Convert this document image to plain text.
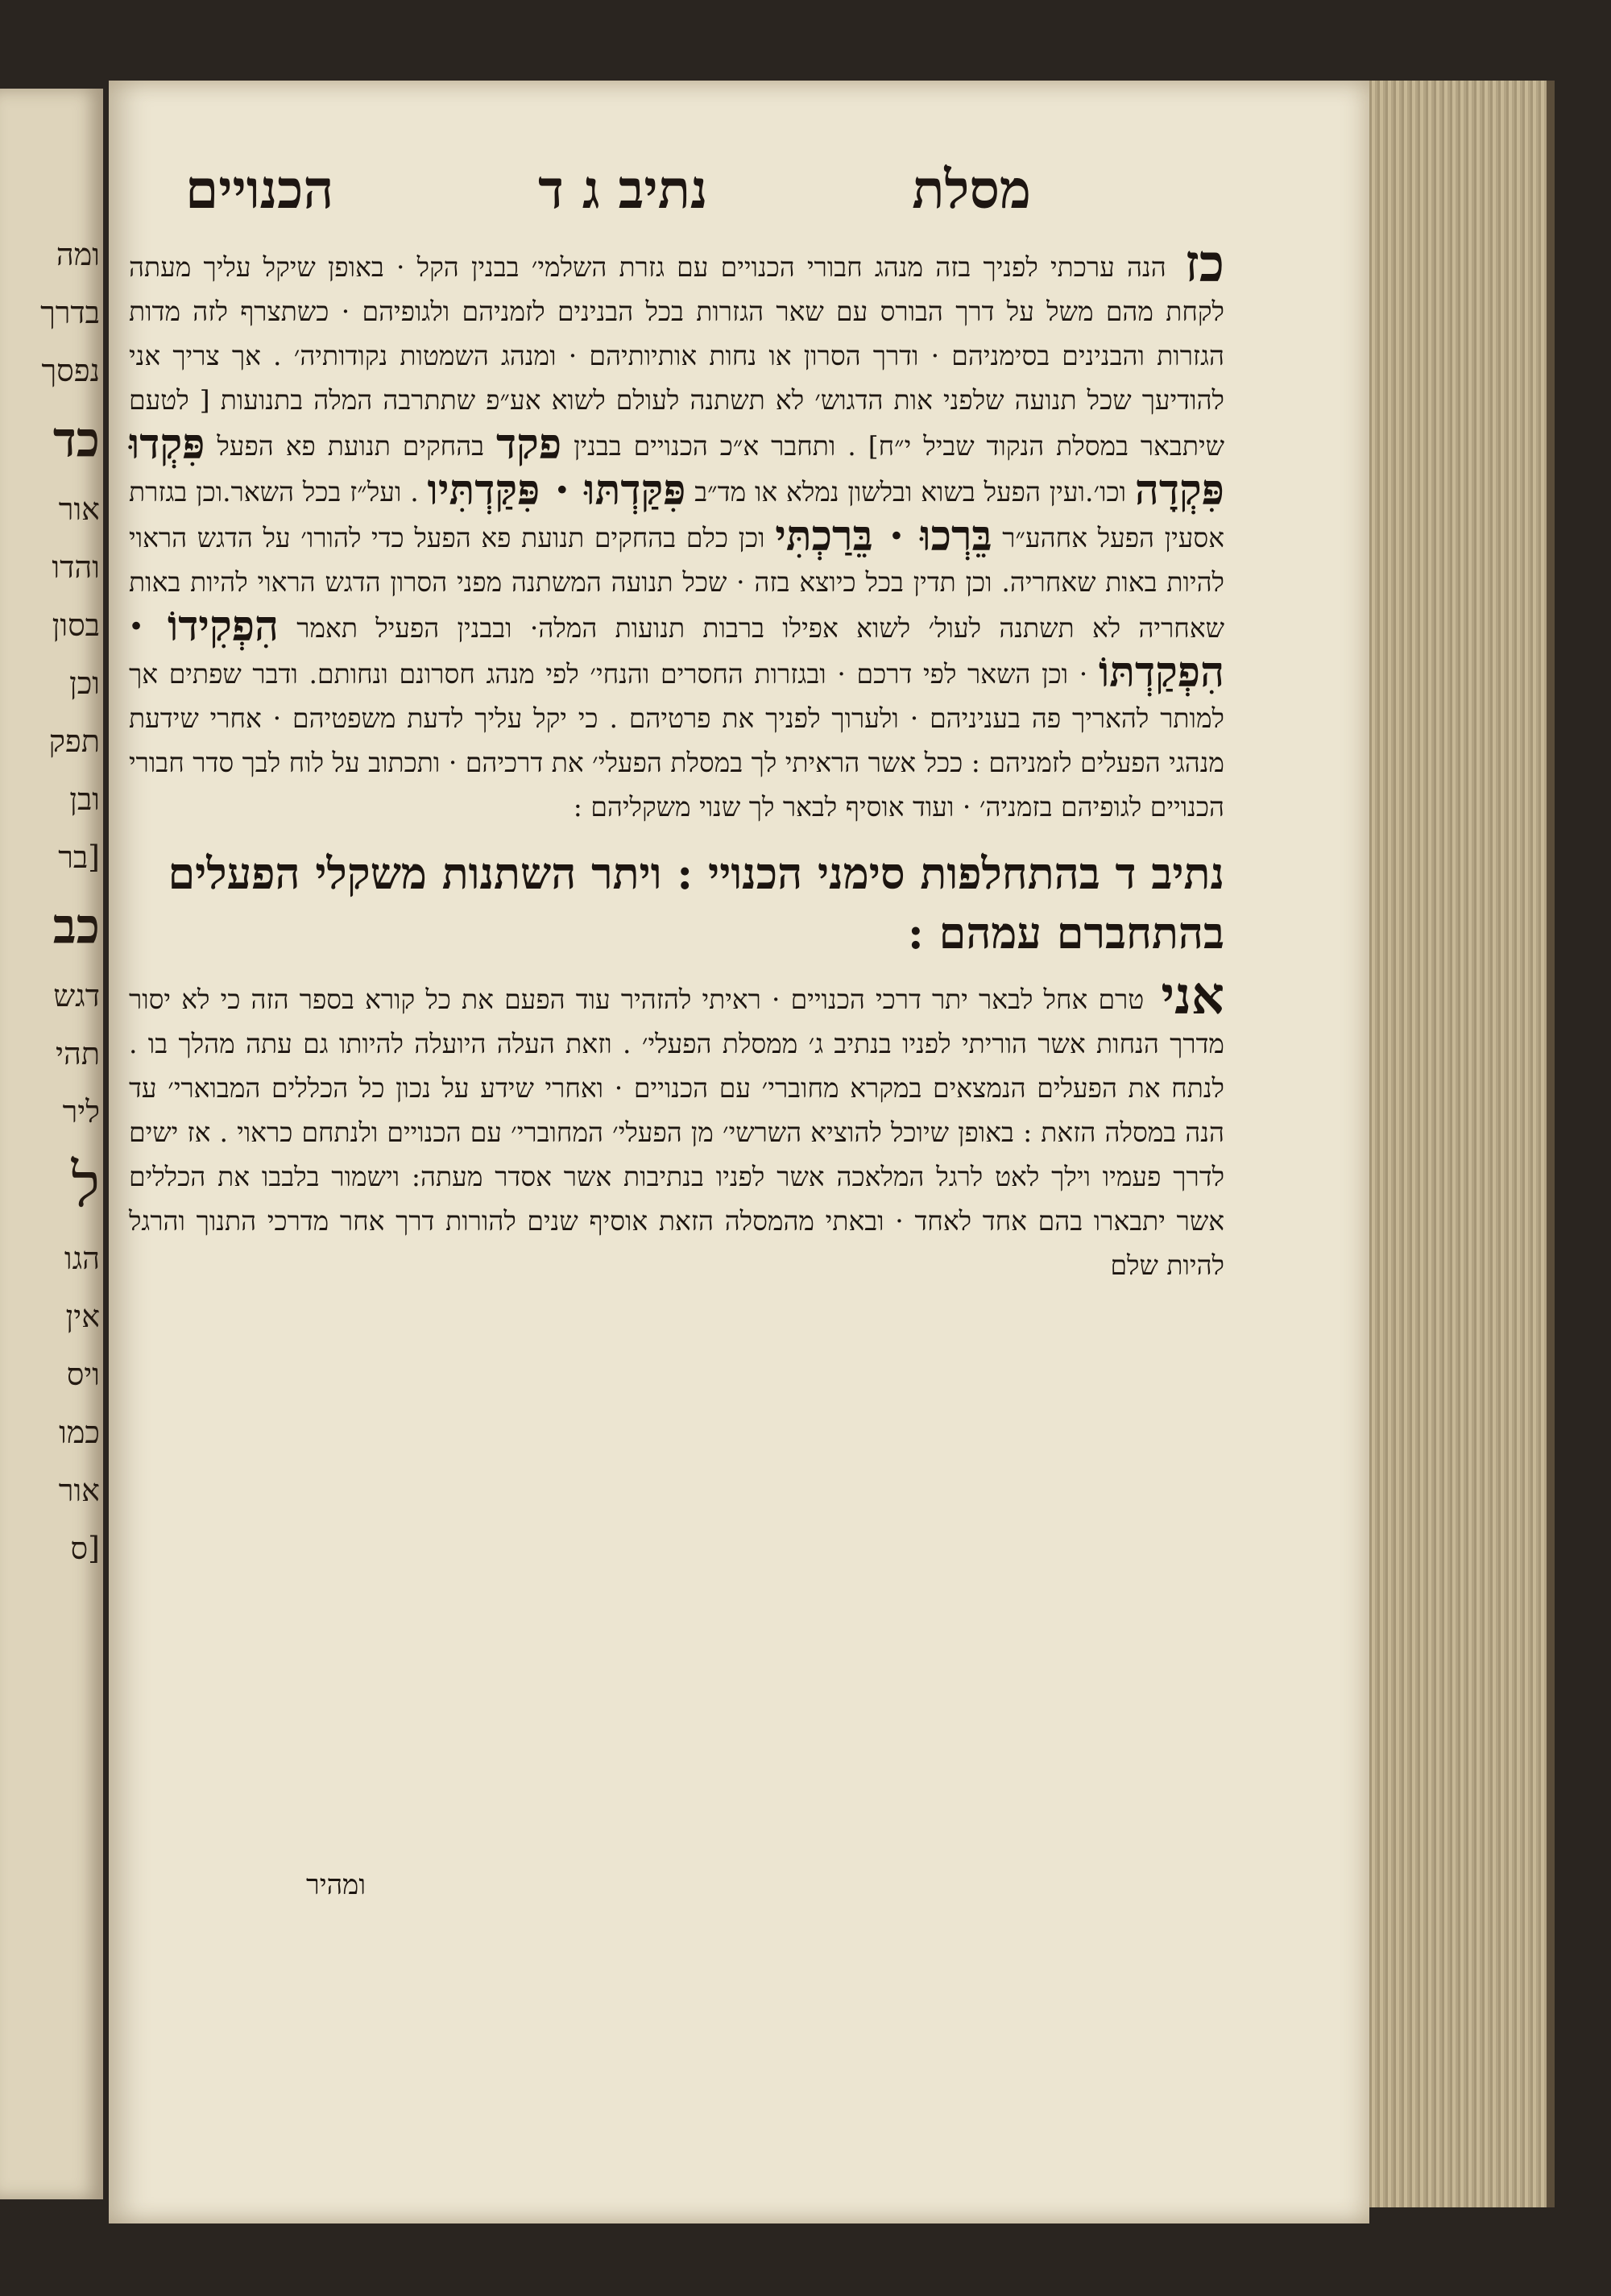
ומה
בדרך
נפסך
כד
אור
והדו
בסון
וכן
תפק
ובן
[בר
כב
דגש
תהי
ליר
ל
הגו
אין
ויס
כמו
אור
[ס
מסלת
נתיב ג ד
הכנויים

כז הנה ערכתי לפניך בזה מנהג חבורי הכנויים עם גזרת השלמי׳ בבנין הקל · באופן שיקל עליך מעתה לקחת מהם משל על דרך הבורס עם שאר הגזרות בכל הבנינים לזמניהם ולגופיהם · כשתצרף לזה מדות הגזרות והבנינים בסימניהם · ודרך הסרון או נחות אותיותיהם · ומנהג השמטות נקודותיה׳ . אך צריך אני להודיעך שכל תנועה שלפני אות הדגוש׳ לא תשתנה לעולם לשוא אע״פ שתתרבה המלה בתנועות [ לטעם שיתבאר במסלת הנקוד שביל י״ח] . ותחבר א״כ הכנויים בבנין פקד בהחקים תנועת פא הפעל פִּקְדוּ פִּקְדָה וכו׳.ועין הפעל בשוא ובלשון נמלא או מד״ב פִּקַּדְתּוּ · פִּקַּדְתִּיו . ועל״ז בכל השאר.וכן בגזרת אסעין הפעל אחהע״ר בֵּרְכוּ · בֵּרַכְתִּי וכן כלם בהחקים תנועת פא הפעל כדי להורו׳ על הדגש הראוי להיות באות שאחריה. וכן תדין בכל כיוצא בזה · שכל תנועה המשתנה מפני הסרון הדגש הראוי להיות באות שאחריה לא תשתנה לעול׳ לשוא אפילו ברבות תנועות המלה· ובבנין הפעיל תאמר הִפְקִידוֹ · הִפְקַדְתּוֹ · וכן השאר לפי דרכם · ובגזרות החסרים והנחי׳ לפי מנהג חסרונם ונחותם. ודבר שפתים אך למותר להאריך פה בעניניהם · ולערוך לפניך את פרטיהם . כי יקל עליך לדעת משפטיהם · אחרי שידעת מנהגי הפעלים לזמניהם : ככל אשר הראיתי לך במסלת הפעלי׳ את דרכיהם · ותכתוב על לוח לבך סדר חבורי הכנויים לגופיהם בזמניה׳ · ועוד אוסיף לבאר לך שנוי משקליהם :

נתיב ד בהתחלפות סימני הכנויי : ויתר השתנות משקלי הפעלים בהתחברם עמהם :

אני טרם אחל לבאר יתר דרכי הכנויים · ראיתי להזהיר עוד הפעם את כל קורא בספר הזה כי לא יסור מדרך הנחות אשר הוריתי לפניו בנתיב ג׳ ממסלת הפעלי׳ . וזאת העלה היועלה להיותו גם עתה מהלך בו . לנתח את הפעלים הנמצאים במקרא מחוברי׳ עם הכנויים · ואחרי שידע על נכון כל הכללים המבוארי׳ עד הנה במסלה הזאת : באופן שיוכל להוציא השרשי׳ מן הפעלי׳ המחוברי׳ עם הכנויים ולנתחם כראוי . אז ישים לדרך פעמיו וילך לאט לרגל המלאכה אשר לפניו בנתיבות אשר אסדר מעתה: וישמור בלבבו את הכללים אשר יתבארו בהם אחד לאחד · ובאתי מהמסלה הזאת אוסיף שנים להורות דרך אחר מדרכי התנוך והרגל להיות שלם

ומהיר
